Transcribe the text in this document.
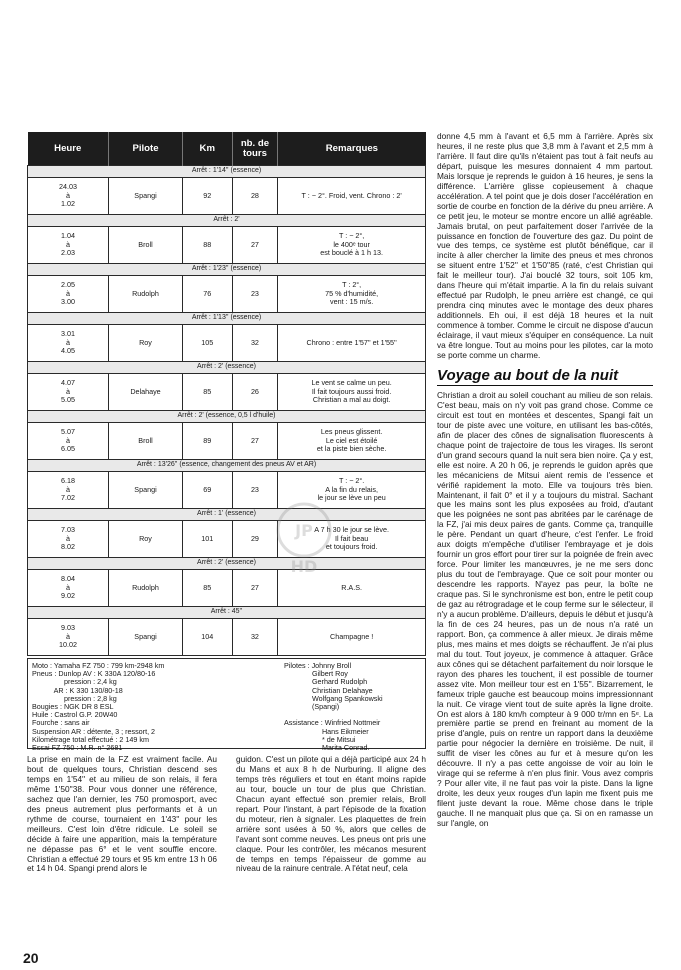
Heure	Pilote	Km	nb. de tours	Remarques
Arrêt : 1'14'' (essence)				

24.03
à
1.02	Spangi	92	28	T : − 2°. Froid, vent. Chrono : 2'

Arrêt : 2'				

1.04
à
2.03	Broll	88	27	T : − 2°,
le 400ᵉ tour
est bouclé à 1 h 13.

Arrêt : 1'23'' (essence)				

2.05
à
3.00	Rudolph	76	23	T : 2°,
75 % d'humidité,
vent : 15 m/s.

Arrêt : 1'13'' (essence)				

3.01
à
4.05	Roy	105	32	Chrono : entre 1'57'' et 1'55''

Arrêt : 2' (essence)				

4.07
à
5.05	Delahaye	85	26	Le vent se calme un peu.
Il fait toujours aussi froid.
Christian a mal au doigt.

Arrêt : 2' (essence, 0,5 l d'huile)				

5.07
à
6.05	Broll	89	27	Les pneus glissent.
Le ciel est étoilé
et la piste bien sèche.

Arrêt : 13'26'' (essence, changement des pneus AV et AR)				

6.18
à
7.02	Spangi	69	23	T : − 2°.
A la fin du relais,
le jour se lève un peu

Arrêt : 1' (essence)				

7.03
à
8.02	Roy	101	29	A 7 h 30 le jour se lève.
Il fait beau
et toujours froid.

Arrêt : 2' (essence)				

8.04
à
9.02	Rudolph	85	27	R.A.S.

Arrêt : 45''				

9.03
à
10.02	Spangi	104	32	Champagne !
JP
HD
Moto : Yamaha FZ 750 : 799 km-2948 km
Pneus : Dunlop AV : K 330A 120/80-16
pression : 2,4 kg
AR : K 330 130/80-18
pression : 2,8 kg
Bougies : NGK DR 8 ESL
Huile : Castrol G.P. 20W40
Fourche : sans air
Suspension AR : détente, 3 ; ressort, 2
Kilométrage total effectué : 2 149 km
Essai FZ 750 : M.R. n° 2681
Pilotes : Johnny Broll
Gilbert Roy
Gerhard Rudolph
Christian Delahaye
Wolfgang Spankowski
(Spangi)

Assistance : Winfried Nottmeir
Hans Eikmeier
* de Mitsui
Marita Conrad.

donne 4,5 mm à l'avant et 6,5 mm à l'arrière. Après six heures, il ne reste plus que 3,8 mm à l'avant et 2,5 mm à l'arrière. Il faut dire qu'ils n'étaient pas tout à fait neufs au départ, puisque les mesures donnaient 4 mm partout. Mais lorsque je reprends le guidon à 16 heures, je sens la différence. L'arrière glisse copieusement à chaque accélération. A tel point que je dois doser l'accélération en sortie de courbe en fonction de la dérive du pneu arrière. A ce petit jeu, le moteur se montre encore un allié agréable. Jamais brutal, on peut parfaitement doser l'arrivée de la puissance en fonction de l'ouverture des gaz. Du point de vue des temps, ce système est plutôt bénéfique, car il incite à aller chercher la limite des pneus et mes chronos se situent entre 1'52'' et 1'50''85 (raté, c'est Christian qui fait le meilleur tour). J'ai bouclé 32 tours, soit 105 km, dans l'heure qui m'était impartie. A la fin du relais suivant effectué par Rudolph, le pneu arrière est changé, ce qui prendra cinq minutes avec le montage des deux phares additionnels. Eh oui, il est déjà 18 heures et la nuit commence à tomber. Comme le circuit ne dispose d'aucun éclairage, il vaut mieux s'équiper en conséquence. La nuit va être longue. Tout au moins pour les pilotes, car la moto se porte comme un charme.

Voyage au bout de la nuit

Christian a droit au soleil couchant au milieu de son relais. C'est beau, mais on n'y voit pas grand chose. Comme ce circuit est tout en montées et descentes, Spangi fait un tour de piste avec une voiture, en utilisant les bas-côtés, afin de placer des cônes de signalisation fluorescents à chaque point de trajectoire de tous les virages. Ils seront d'un grand secours quand la nuit sera bien noire. Ça y est, elle est noire. A 20 h 06, je reprends le guidon après que les mécaniciens de Mitsui aient remis de l'essence et vérifié rapidement la moto. Elle va toujours très bien. Maintenant, il fait 0° et il y a toujours du mistral. Sachant que les mains sont les plus exposées au froid, d'autant que les poignées ne sont pas abritées par le carénage de la FZ, j'ai mis deux paires de gants. Comme ça, tranquille le père. Pendant un quart d'heure, c'est l'enfer. Le froid aux doigts m'empêche d'utiliser l'embrayage et je dois fournir un gros effort pour tirer sur la poignée de frein avec force. Pour limiter les manœuvres, je ne me sers donc plus du tout de l'embrayage. Que ce soit pour monter ou descendre les rapports. N'ayez pas peur, la boîte ne craque pas. Si le synchronisme est bon, entre le petit coup de gaz au rétrogradage et le coup ferme sur le sélecteur, il n'y a aucun problème. D'ailleurs, depuis le début et jusqu'à la fin de ces 24 heures, pas un de nous n'a raté un rapport. Bon, ça commence à aller mieux. Je dirais même plus, mes mains et mes doigts se réchauffent. Je n'ai plus mal du tout. Tout joyeux, je commence à attaquer. Grâce aux cônes qui se détachent parfaitement du noir lorsque le rayon des phares les touchent, il est possible de tourner assez vite. Mon meilleur tour est en 1'55''. Bizarrement, le fameux triple gauche est beaucoup moins impressionnant la nuit. Ce virage vient tout de suite après la ligne droite. On est alors à 180 km/h compteur à 9 000 tr/mn en 5ᵉ. La première partie se prend en freinant au moment de la prise d'angle, puis on rentre un rapport dans la deuxième partie pour négocier la dernière en troisième. De nuit, il suffit de viser les cônes au fur et à mesure qu'on les découvre. Il n'y a pas cette angoisse de voir au loin le virage qui se referme à n'en plus finir. Vous avez compris ? Pour aller vite, il ne faut pas voir la piste. Dans la ligne droite, les deux yeux rouges d'un lapin me fixent puis me filent juste devant la roue. Même chose dans le triple gauche. Il ne manquait plus que ça. Si on en ramasse un sur l'angle, on

20

La prise en main de la FZ est vraiment facile. Au bout de quelques tours, Christian descend ses temps en 1'54'' et au milieu de son relais, il fera même 1'50''38. Pour vous donner une référence, sachez que l'an dernier, les 750 promosport, avec des pneus autrement plus performants et à un rythme de course, tournaient en 1'43'' pour les meilleurs. C'est loin d'être ridicule. Le soleil se décide à faire une apparition, mais la température ne dépasse pas 6° et le vent souffle encore. Christian a effectué 29 tours et 95 km entre 13 h 06 et 14 h 04. Spangi prend alors le

guidon. C'est un pilote qui a déjà participé aux 24 h du Mans et aux 8 h de Nurburing. Il aligne des temps très réguliers et tout en étant moins rapide au tour, boucle un tour de plus que Christian. Chacun ayant effectué son premier relais, Broll repart. Pour l'instant, à part l'épisode de la fixation du moteur, rien à signaler. Les plaquettes de frein arrière sont usées à 50 %, alors que celles de l'avant sont comme neuves. Les pneus ont pris une claque. Pour les contrôler, les mécanos mesurent de temps en temps l'épaisseur de gomme au niveau de la rainure centrale. A l'état neuf, cela
